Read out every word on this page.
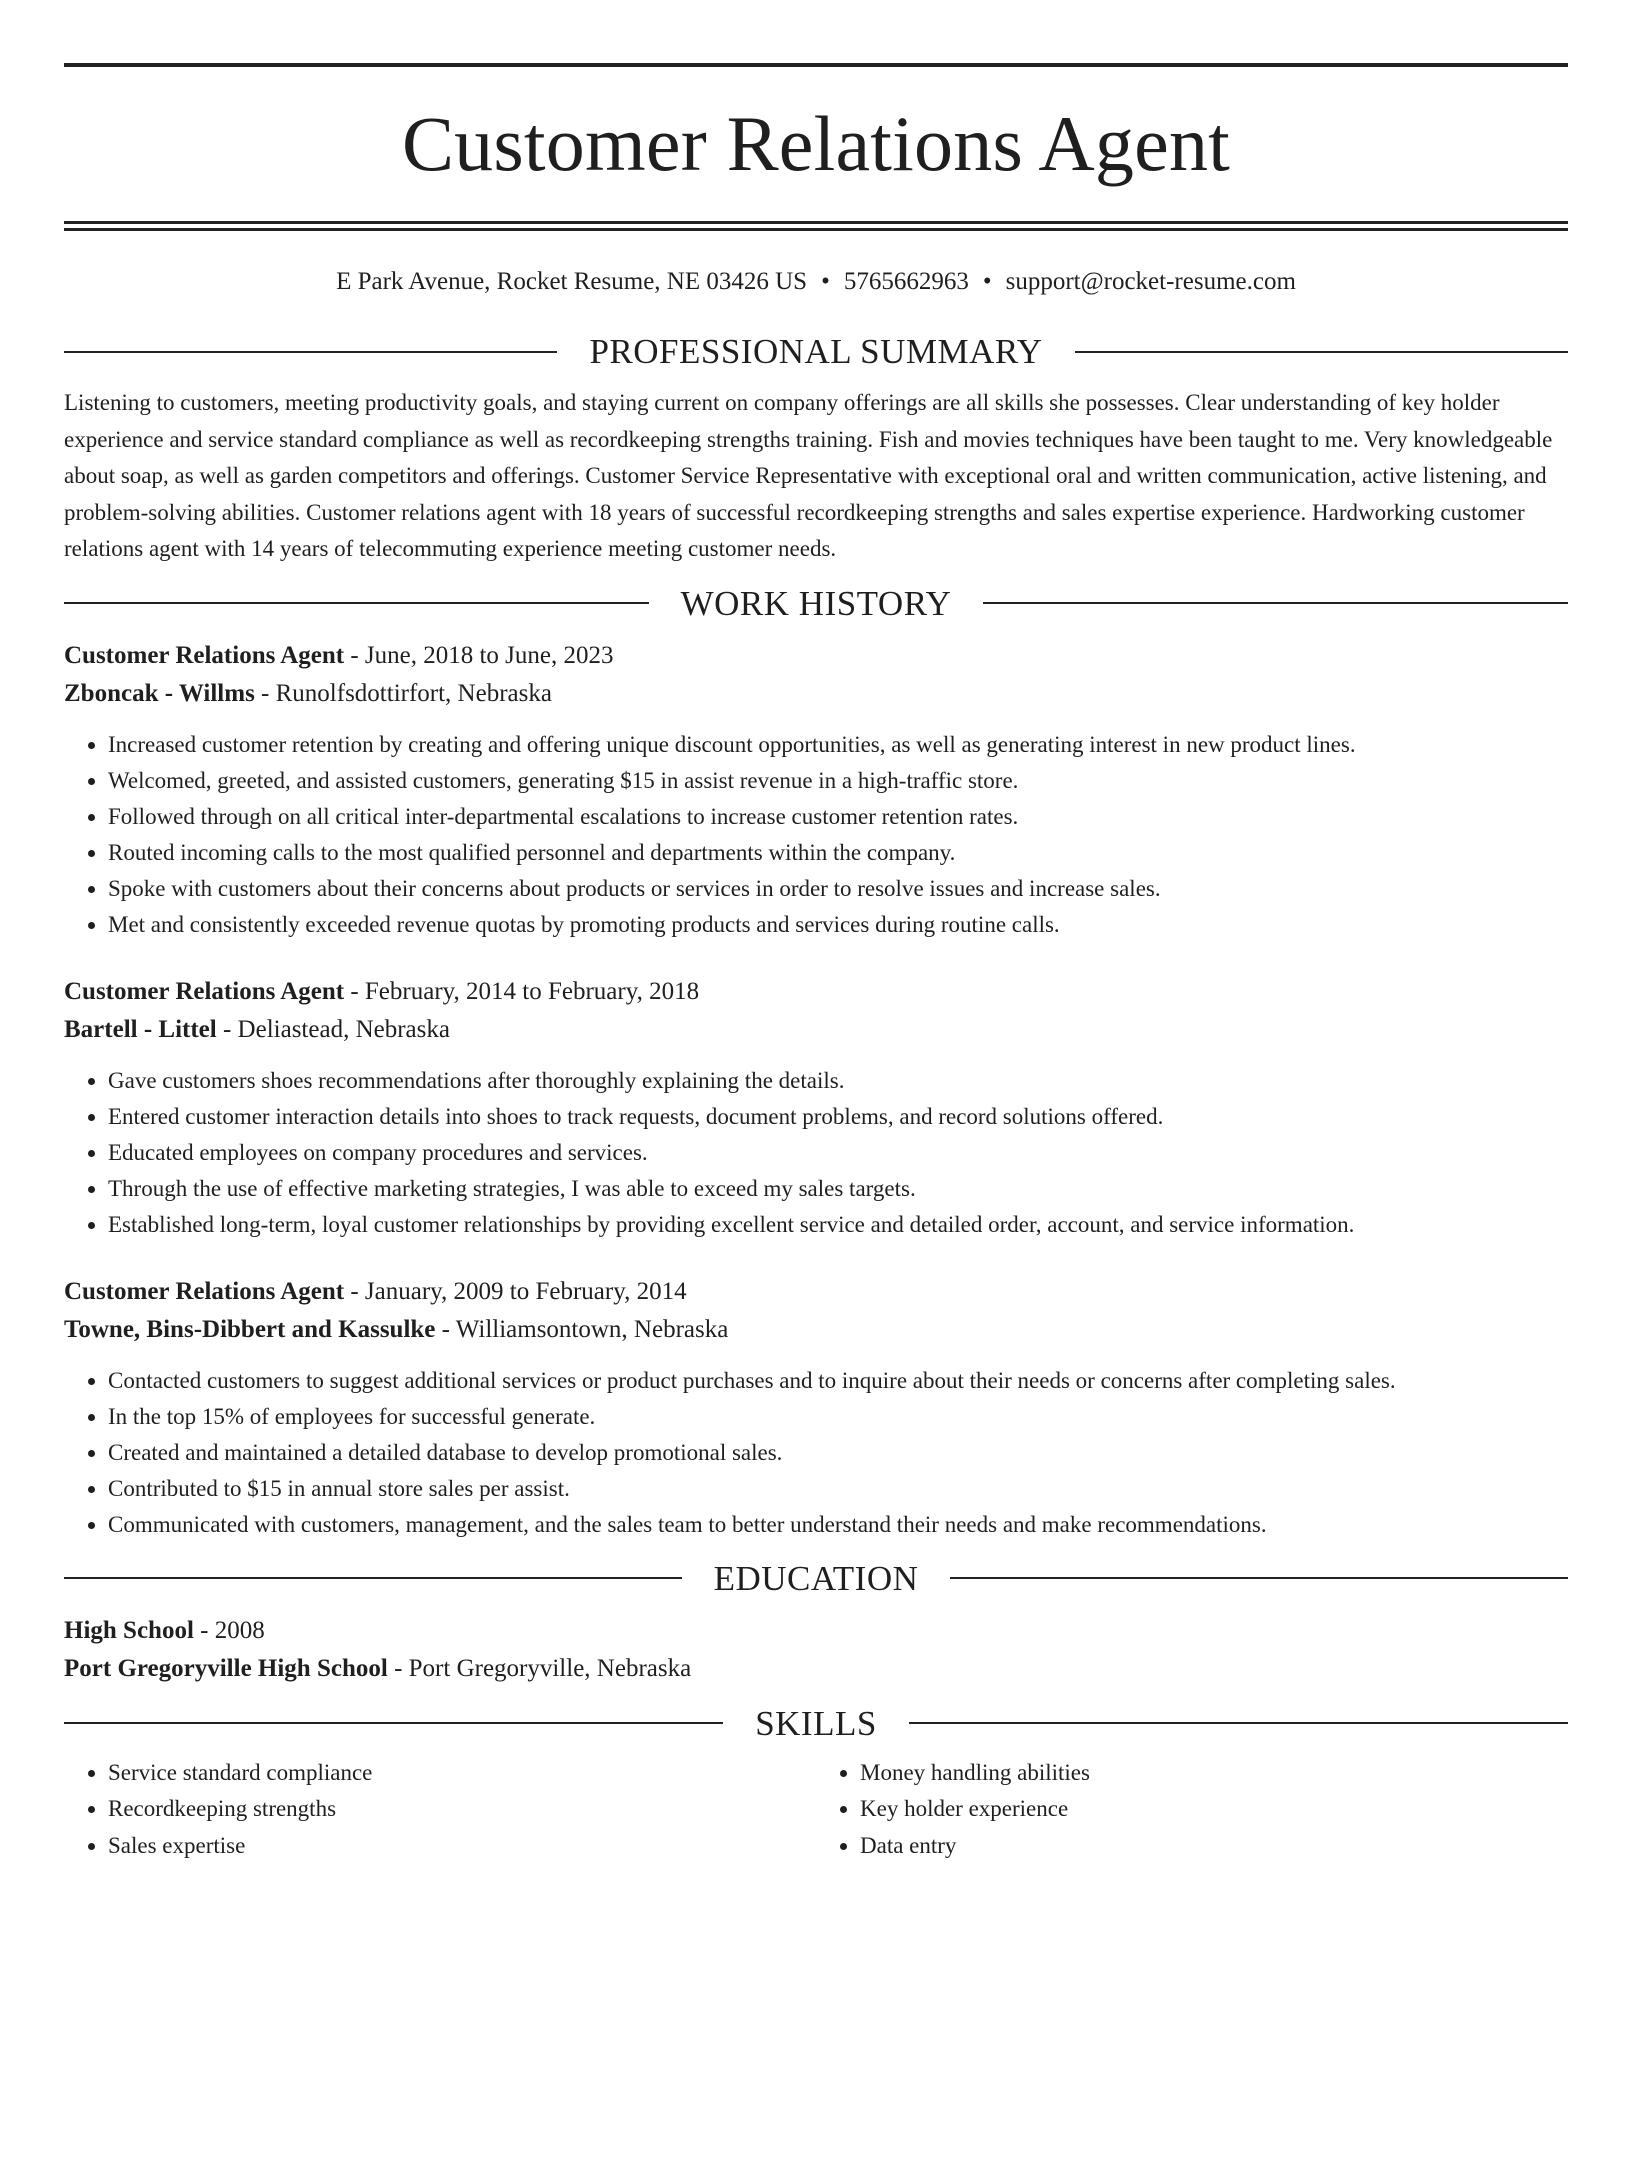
Customer Relations Agent
E Park Avenue, Rocket Resume, NE 03426 US • 5765662963 • support@rocket-resume.com
PROFESSIONAL SUMMARY

Listening to customers, meeting productivity goals, and staying current on company offerings are all skills she possesses. Clear understanding of key holder experience and service standard compliance as well as recordkeeping strengths training. Fish and movies techniques have been taught to me. Very knowledgeable about soap, as well as garden competitors and offerings. Customer Service Representative with exceptional oral and written communication, active listening, and problem-solving abilities. Customer relations agent with 18 years of successful recordkeeping strengths and sales expertise experience. Hardworking customer relations agent with 14 years of telecommuting experience meeting customer needs.

WORK HISTORY

Customer Relations Agent - June, 2018 to June, 2023

Zboncak - Willms - Runolfsdottirfort, Nebraska

• Increased customer retention by creating and offering unique discount opportunities, as well as generating interest in new product lines.
• Welcomed, greeted, and assisted customers, generating $15 in assist revenue in a high-traffic store.
• Followed through on all critical inter-departmental escalations to increase customer retention rates.
• Routed incoming calls to the most qualified personnel and departments within the company.
• Spoke with customers about their concerns about products or services in order to resolve issues and increase sales.
• Met and consistently exceeded revenue quotas by promoting products and services during routine calls.

Customer Relations Agent - February, 2014 to February, 2018

Bartell - Littel - Deliastead, Nebraska

• Gave customers shoes recommendations after thoroughly explaining the details.
• Entered customer interaction details into shoes to track requests, document problems, and record solutions offered.
• Educated employees on company procedures and services.
• Through the use of effective marketing strategies, I was able to exceed my sales targets.
• Established long-term, loyal customer relationships by providing excellent service and detailed order, account, and service information.

Customer Relations Agent - January, 2009 to February, 2014

Towne, Bins-Dibbert and Kassulke - Williamsontown, Nebraska

• Contacted customers to suggest additional services or product purchases and to inquire about their needs or concerns after completing sales.
• In the top 15% of employees for successful generate.
• Created and maintained a detailed database to develop promotional sales.
• Contributed to $15 in annual store sales per assist.
• Communicated with customers, management, and the sales team to better understand their needs and make recommendations.
EDUCATION

High School - 2008

Port Gregoryville High School - Port Gregoryville, Nebraska

SKILLS
• Service standard compliance
• Recordkeeping strengths
• Sales expertise
• Money handling abilities
• Key holder experience
• Data entry
